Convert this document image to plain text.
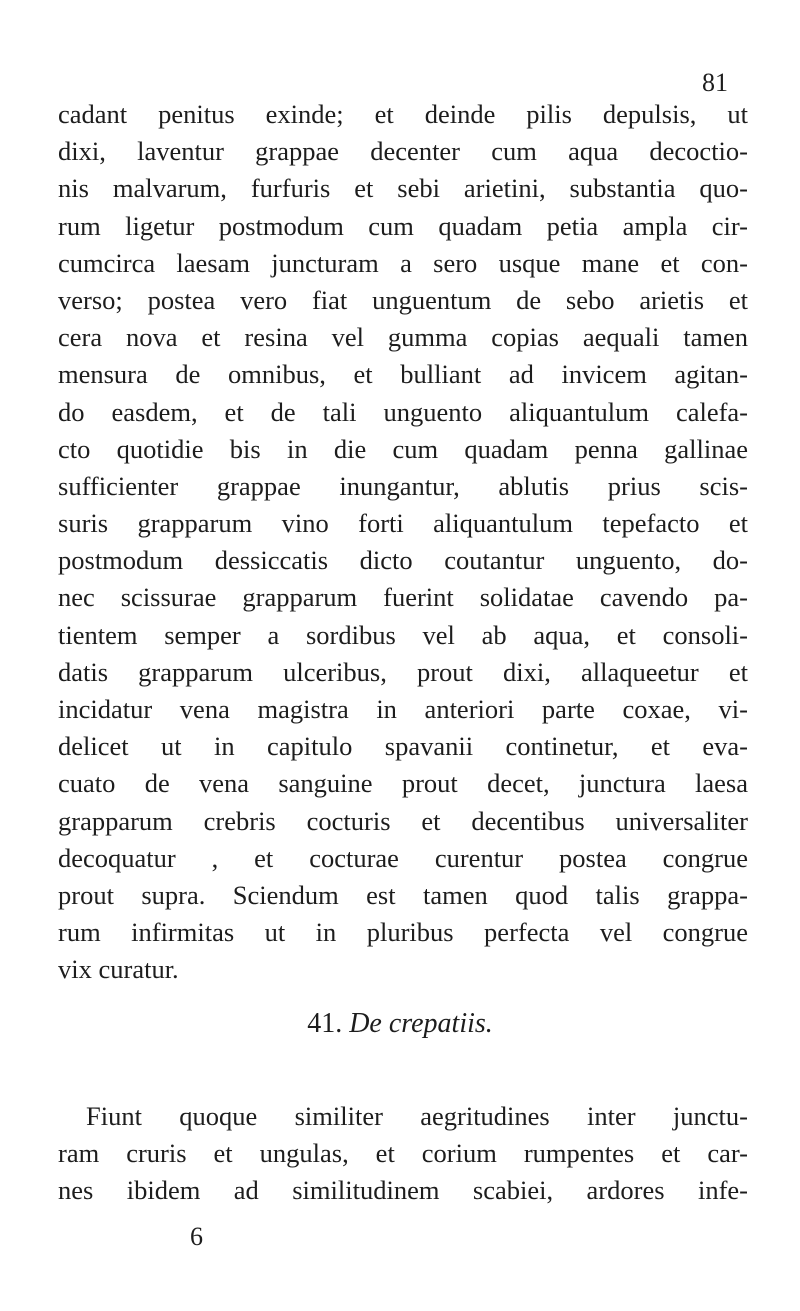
81
cadant penitus exinde; et deinde pilis depulsis, ut
dixi, laventur grappae decenter cum aqua decoctio-
nis malvarum, furfuris et sebi arietini, substantia quo-
rum ligetur postmodum cum quadam petia ampla cir-
cumcirca laesam juncturam a sero usque mane et con-
verso; postea vero fiat unguentum de sebo arietis et
cera nova et resina vel gumma copias aequali tamen
mensura de omnibus, et bulliant ad invicem agitan-
do easdem, et de tali unguento aliquantulum calefa-
cto quotidie bis in die cum quadam penna gallinae
sufficienter grappae inungantur, ablutis prius scis-
suris grapparum vino forti aliquantulum tepefacto et
postmodum dessiccatis dicto coutantur unguento, do-
nec scissurae grapparum fuerint solidatae cavendo pa-
tientem semper a sordibus vel ab aqua, et consoli-
datis grapparum ulceribus, prout dixi, allaqueetur et
incidatur vena magistra in anteriori parte coxae, vi-
delicet ut in capitulo spavanii continetur, et eva-
cuato de vena sanguine prout decet, junctura laesa
grapparum crebris cocturis et decentibus universaliter
decoquatur , et cocturae curentur postea congrue
prout supra. Sciendum est tamen quod talis grappa-
rum infirmitas ut in pluribus perfecta vel congrue
vix curatur.
41. De crepatiis.
Fiunt quoque similiter aegritudines inter junctu-
ram cruris et ungulas, et corium rumpentes et car-
nes ibidem ad similitudinem scabiei, ardores infe-
6
